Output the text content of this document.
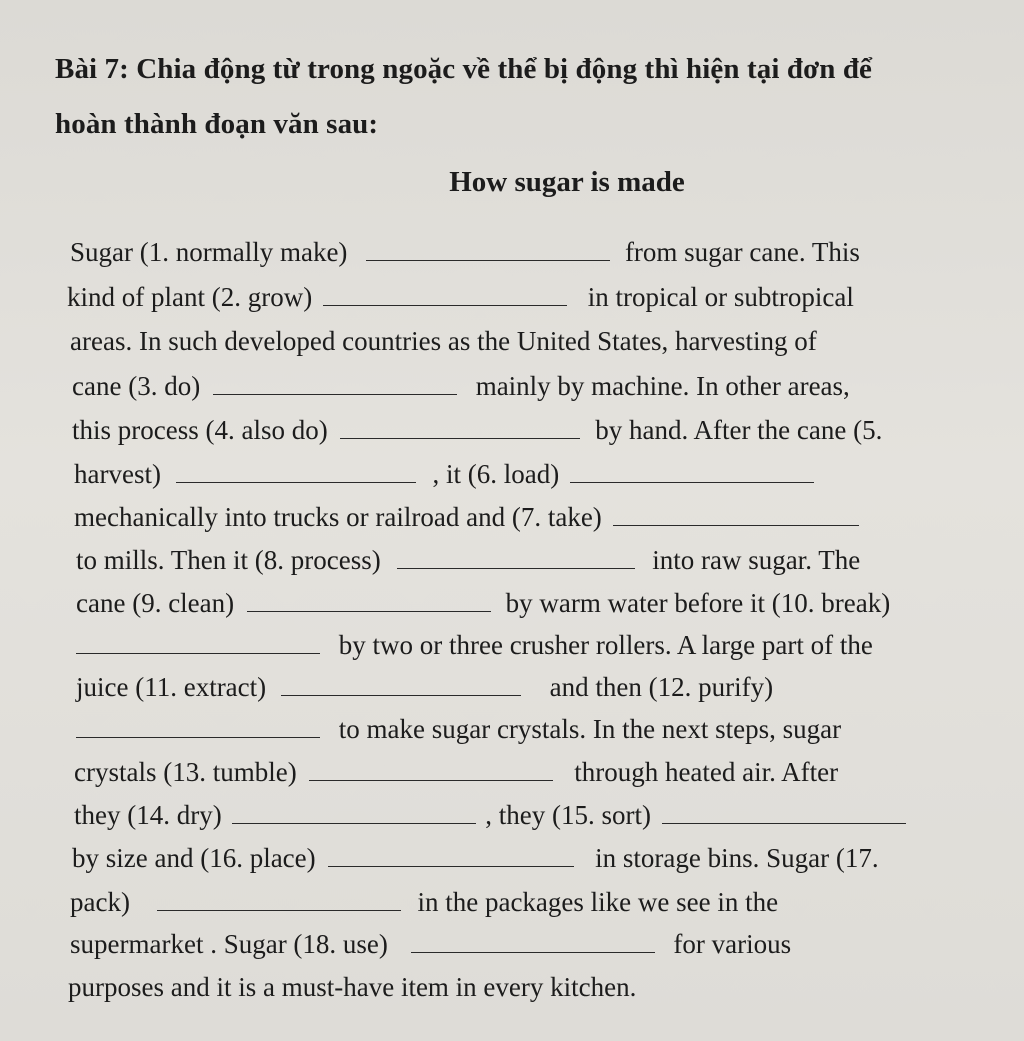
Bài 7: Chia động từ trong ngoặc về thể bị động thì hiện tại đơn để
hoàn thành đoạn văn sau:
How sugar is made
Sugar (1. normally make)	from sugar cane. This
kind of plant (2. grow)	in tropical or subtropical
areas. In such developed countries as the United States, harvesting of
cane (3. do)	mainly by machine. In other areas,
this process (4. also do)	by hand. After the cane (5.
harvest)	, it (6. load)
mechanically into trucks or railroad and (7. take)
to mills. Then it (8. process)	into raw sugar. The
cane (9. clean)	by warm water before it (10. break)
by two or three crusher rollers. A large part of the
juice (11. extract)	and then (12. purify)
to make sugar crystals. In the next steps, sugar
crystals (13. tumble)	through heated air. After
they (14. dry)	, they (15. sort)
by size and (16. place)	in storage bins. Sugar (17.
pack)	in the packages like we see in the
supermarket . Sugar (18. use)	for various
purposes and it is a must-have item in every kitchen.
